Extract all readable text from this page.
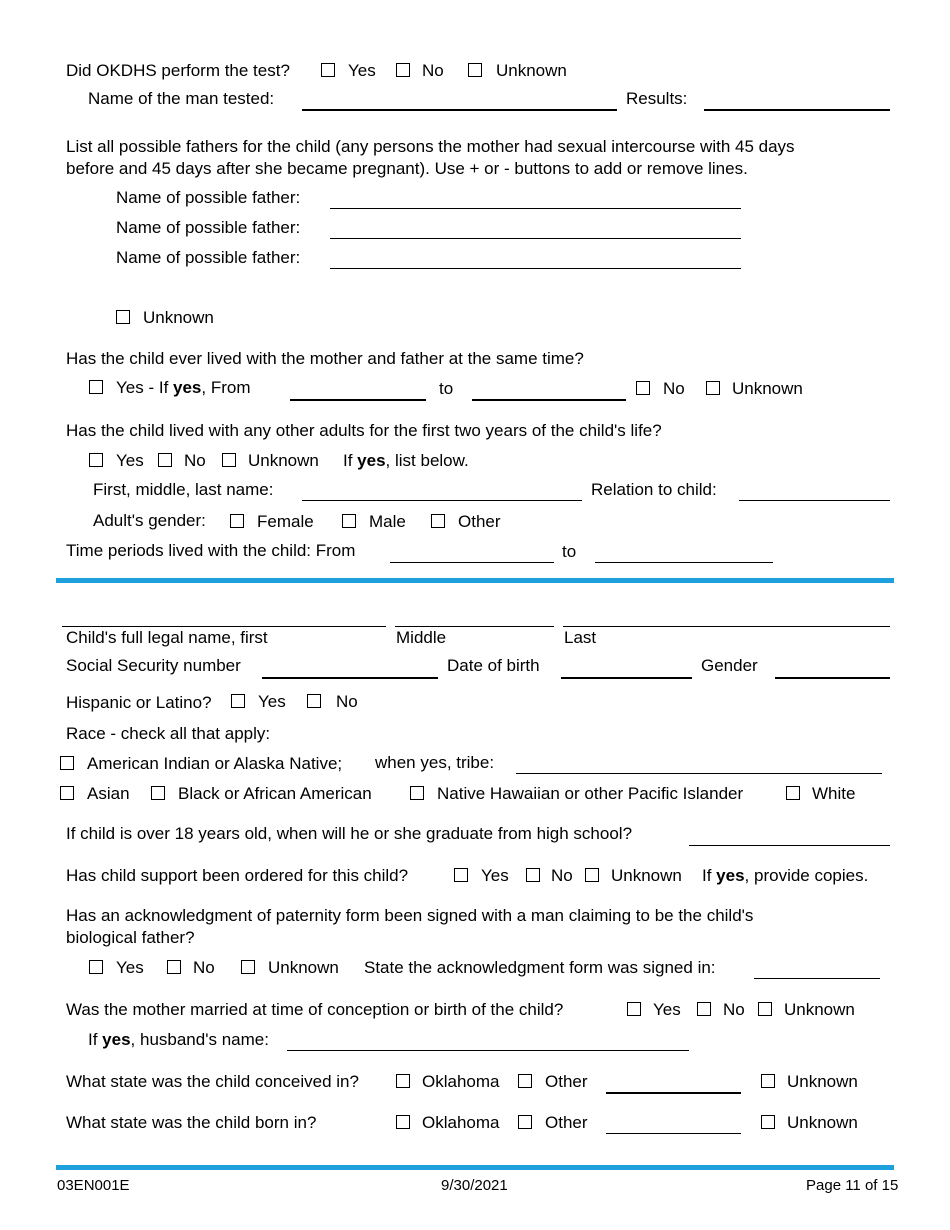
Did OKDHS perform the test?	Yes	No	Unknown
Name of the man tested:	Results:
List all possible fathers for the child (any persons the mother had sexual intercourse with 45 days
before and 45 days after she became pregnant). Use + or - buttons to add or remove lines.
Name of possible father:
Name of possible father:
Name of possible father:
Unknown
Has the child ever lived with the mother and father at the same time?
Yes - If yes, From	to	No	Unknown
Has the child lived with any other adults for the first two years of the child's life?
Yes No Unknown If yes, list below.
First, middle, last name:	Relation to child:
Adult's gender:	Female	Male	Other
Time periods lived with the child: From	to
Child's full legal name, first	Middle	Last
Social Security number	Date of birth	Gender
Hispanic or Latino?	Yes	No
Race - check all that apply:
American Indian or Alaska Native; when yes, tribe:
Asian	Black or African American	Native Hawaiian or other Pacific Islander	White
If child is over 18 years old, when will he or she graduate from high school?
Has child support been ordered for this child?	Yes No Unknown If yes, provide copies.
Has an acknowledgment of paternity form been signed with a man claiming to be the child's
biological father?
Yes	No	Unknown State the acknowledgment form was signed in:
Was the mother married at time of conception or birth of the child?	Yes No Unknown
If yes, husband's name:
What state was the child conceived in?	Oklahoma	Other	Unknown
What state was the child born in?	Oklahoma	Other	Unknown
03EN001E	9/30/2021	Page 11 of 15
